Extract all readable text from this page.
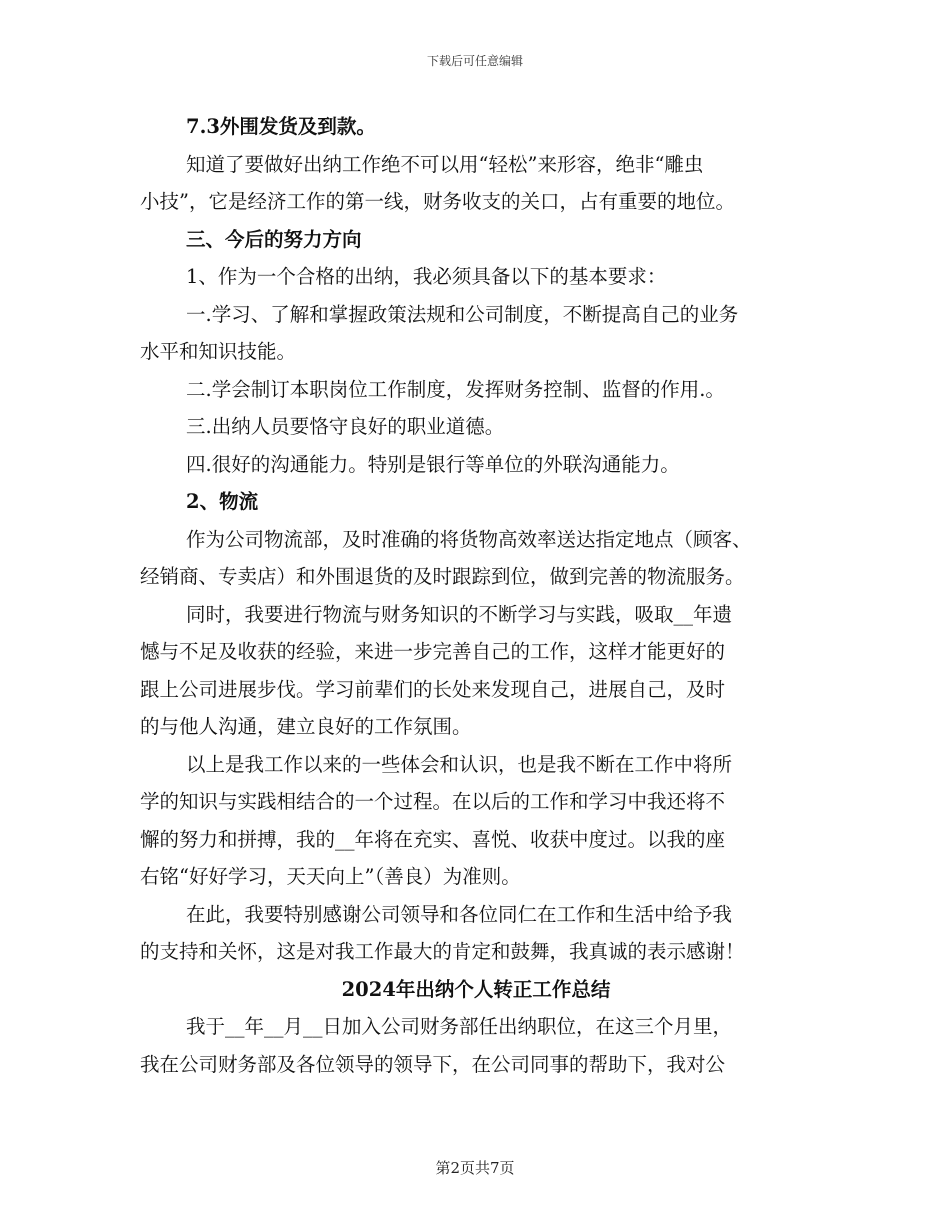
下载后可任意编辑
7.3外围发货及到款。
知道了要做好出纳工作绝不可以用“轻松”来形容，绝非“雕虫
小技”，它是经济工作的第一线，财务收支的关口，占有重要的地位。
三、今后的努力方向
1、作为一个合格的出纳，我必须具备以下的基本要求：
一.学习、了解和掌握政策法规和公司制度，不断提高自己的业务
水平和知识技能。
二.学会制订本职岗位工作制度，发挥财务控制、监督的作用.。
三.出纳人员要恪守良好的职业道德。
四.很好的沟通能力。特别是银行等单位的外联沟通能力。
2、物流
作为公司物流部，及时准确的将货物高效率送达指定地点（顾客、
经销商、专卖店）和外围退货的及时跟踪到位，做到完善的物流服务。
同时，我要进行物流与财务知识的不断学习与实践，吸取__年遗
憾与不足及收获的经验，来进一步完善自己的工作，这样才能更好的
跟上公司进展步伐。学习前辈们的长处来发现自己，进展自己，及时
的与他人沟通，建立良好的工作氛围。
以上是我工作以来的一些体会和认识，也是我不断在工作中将所
学的知识与实践相结合的一个过程。在以后的工作和学习中我还将不
懈的努力和拼搏，我的__年将在充实、喜悦、收获中度过。以我的座
右铭“好好学习，天天向上”（善良）为准则。
在此，我要特别感谢公司领导和各位同仁在工作和生活中给予我
的支持和关怀，这是对我工作最大的肯定和鼓舞，我真诚的表示感谢！
2024年出纳个人转正工作总结
我于__年__月__日加入公司财务部任出纳职位，在这三个月里，
我在公司财务部及各位领导的领导下，在公司同事的帮助下，我对公
第2页共7页
